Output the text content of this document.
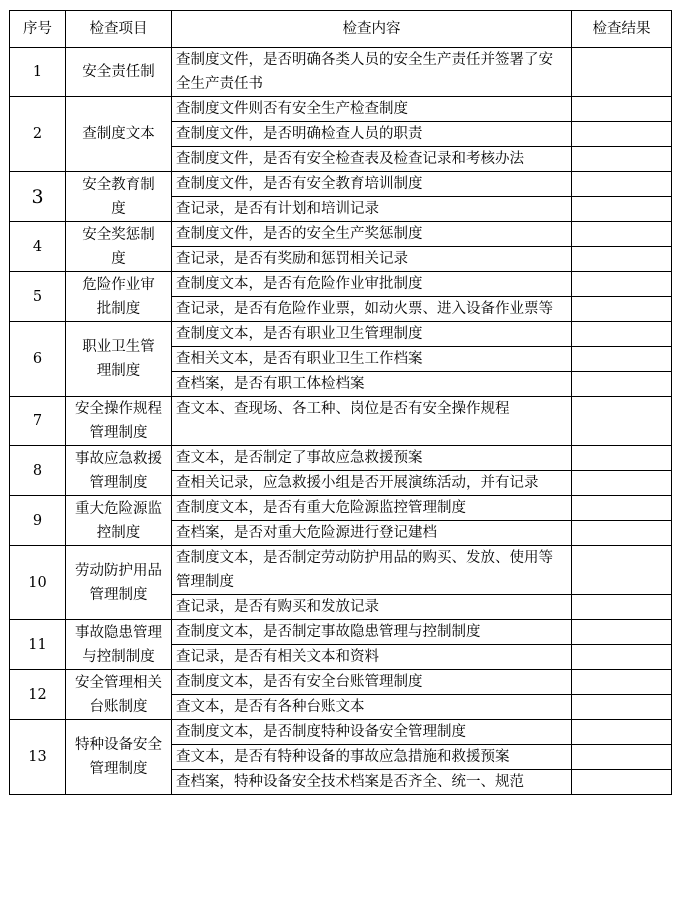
序号	检查项目	检查内容	检查结果
1	安全责任制	查制度文件，是否明确各类人员的安全生产责任并签署了安全生产责任书	
2	查制度文本	查制度文件则否有安全生产检查制度	
		查制度文件，是否明确检查人员的职责	
		查制度文件，是否有安全检查表及检查记录和考核办法	
3	安全教育制度	查制度文件，是否有安全教育培训制度	
		查记录，是否有计划和培训记录	
4	安全奖惩制度	查制度文件，是否的安全生产奖惩制度	
		查记录，是否有奖励和惩罚相关记录	
5	危险作业审批制度	查制度文本，是否有危险作业审批制度	
		查记录，是否有危险作业票，如动火票、进入设备作业票等	
6	职业卫生管理制度	查制度文本，是否有职业卫生管理制度	
		查相关文本，是否有职业卫生工作档案	
		查档案，是否有职工体检档案	
7	安全操作规程管理制度	查文本、查现场、各工种、岗位是否有安全操作规程	
8	事故应急救援管理制度	查文本，是否制定了事故应急救援预案	
		查相关记录，应急救援小组是否开展演练活动，并有记录	
9	重大危险源监控制度	查制度文本，是否有重大危险源监控管理制度	
		查档案，是否对重大危险源进行登记建档	
10	劳动防护用品管理制度	查制度文本，是否制定劳动防护用品的购买、发放、使用等管理制度	
		查记录，是否有购买和发放记录	
11	事故隐患管理与控制制度	查制度文本，是否制定事故隐患管理与控制制度	
		查记录，是否有相关文本和资料	
12	安全管理相关台账制度	查制度文本，是否有安全台账管理制度	
		查文本，是否有各种台账文本	
13	特种设备安全管理制度	查制度文本，是否制度特种设备安全管理制度	
		查文本，是否有特种设备的事故应急措施和救援预案	
		查档案，特种设备安全技术档案是否齐全、统一、规范	
